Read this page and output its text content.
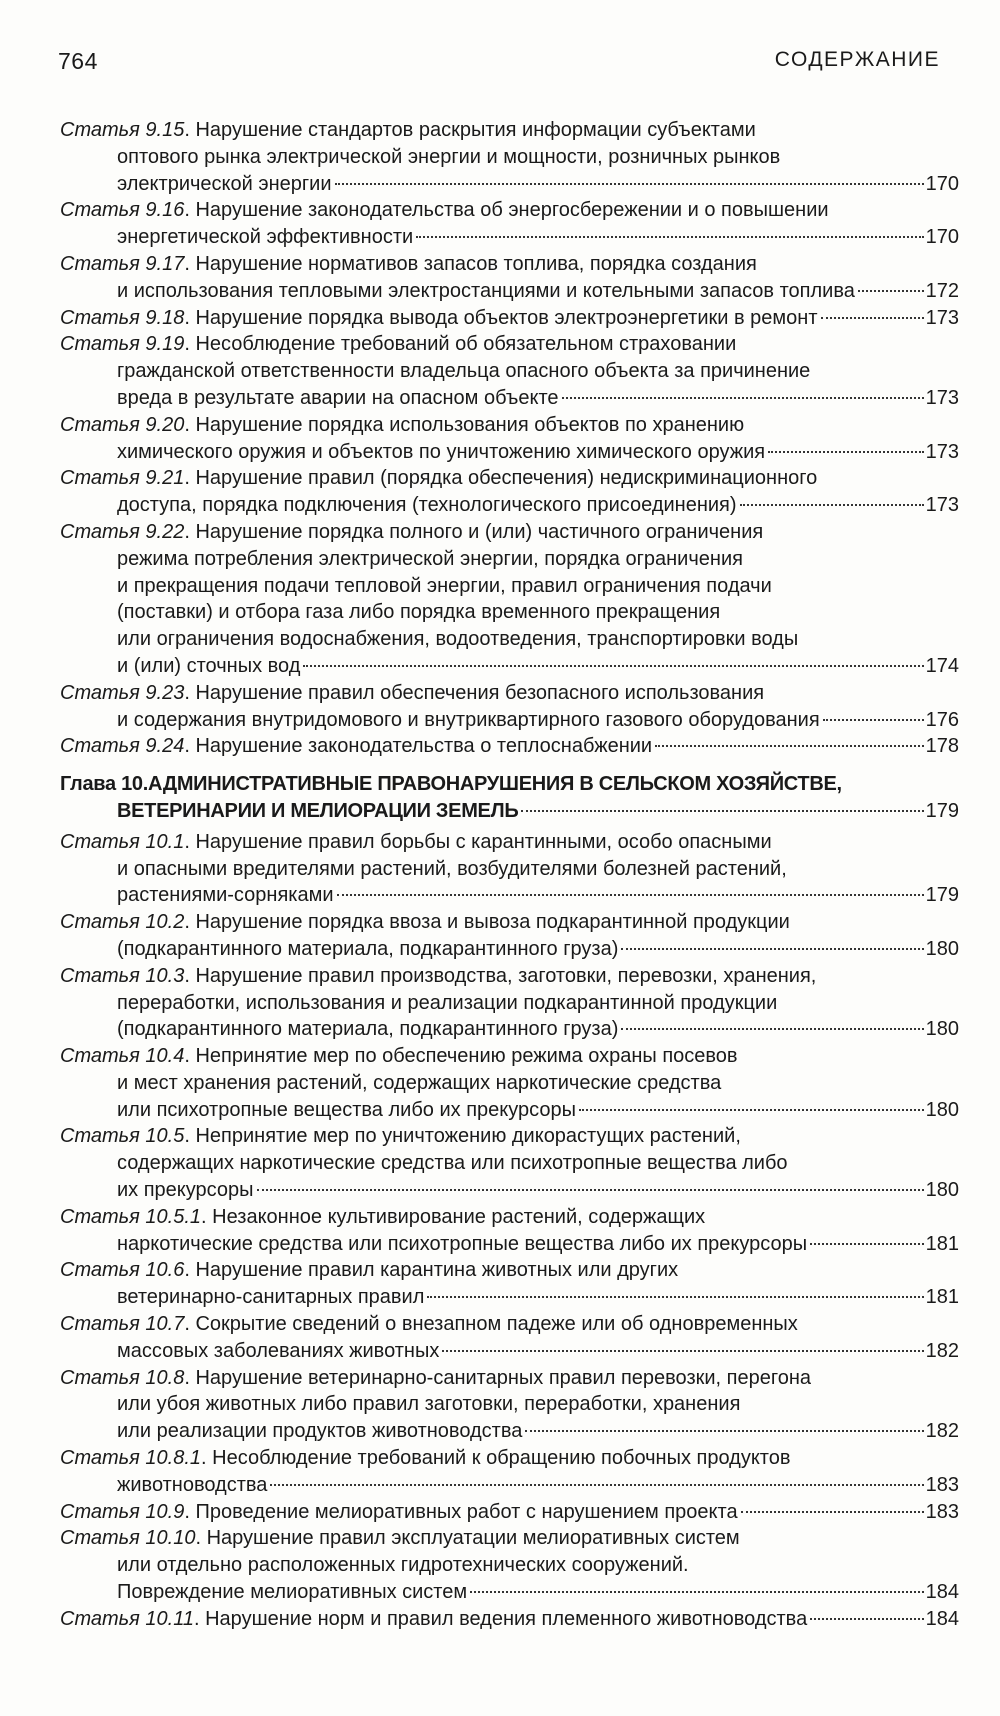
764	СОДЕРЖАНИЕ
Статья 9.15 . Нарушение стандартов раскрытия информации субъектами
оптового рынка электрической энергии и мощности, розничных рынков
электрической энергии	170
Статья 9.16 . Нарушение законодательства об энергосбережении и о повышении
энергетической эффективности	170
Статья 9.17 . Нарушение нормативов запасов топлива, порядка создания
и использования тепловыми электростанциями и котельными запасов топлива	172
Статья 9.18 . Нарушение порядка вывода объектов электроэнергетики в ремонт	173
Статья 9.19 . Несоблюдение требований об обязательном страховании
гражданской ответственности владельца опасного объекта за причинение
вреда в результате аварии на опасном объекте	173
Статья 9.20 . Нарушение порядка использования объектов по хранению
химического оружия и объектов по уничтожению химического оружия	173
Статья 9.21 . Нарушение правил (порядка обеспечения) недискриминационного
доступа, порядка подключения (технологического присоединения)	173
Статья 9.22 . Нарушение порядка полного и (или) частичного ограничения
режима потребления электрической энергии, порядка ограничения
и прекращения подачи тепловой энергии, правил ограничения подачи
(поставки) и отбора газа либо порядка временного прекращения
или ограничения водоснабжения, водоотведения, транспортировки воды
и (или) сточных вод	174
Статья 9.23 . Нарушение правил обеспечения безопасного использования
и содержания внутридомового и внутриквартирного газового оборудования	176
Статья 9.24 . Нарушение законодательства о теплоснабжении	178
Глава 10. АДМИНИСТРАТИВНЫЕ ПРАВОНАРУШЕНИЯ В СЕЛЬСКОМ ХОЗЯЙСТВЕ,
ВЕТЕРИНАРИИ И МЕЛИОРАЦИИ ЗЕМЕЛЬ	179
Статья 10.1 . Нарушение правил борьбы с карантинными, особо опасными
и опасными вредителями растений, возбудителями болезней растений,
растениями-сорняками	179
Статья 10.2 . Нарушение порядка ввоза и вывоза подкарантинной продукции
(подкарантинного материала, подкарантинного груза)	180
Статья 10.3 . Нарушение правил производства, заготовки, перевозки, хранения,
переработки, использования и реализации подкарантинной продукции
(подкарантинного материала, подкарантинного груза)	180
Статья 10.4 . Непринятие мер по обеспечению режима охраны посевов
и мест хранения растений, содержащих наркотические средства
или психотропные вещества либо их прекурсоры	180
Статья 10.5 . Непринятие мер по уничтожению дикорастущих растений,
содержащих наркотические средства или психотропные вещества либо
их прекурсоры	180
Статья 10.5.1 . Незаконное культивирование растений, содержащих
наркотические средства или психотропные вещества либо их прекурсоры	181
Статья 10.6 . Нарушение правил карантина животных или других
ветеринарно-санитарных правил	181
Статья 10.7 . Сокрытие сведений о внезапном падеже или об одновременных
массовых заболеваниях животных	182
Статья 10.8 . Нарушение ветеринарно-санитарных правил перевозки, перегона
или убоя животных либо правил заготовки, переработки, хранения
или реализации продуктов животноводства	182
Статья 10.8.1 . Несоблюдение требований к обращению побочных продуктов
животноводства	183
Статья 10.9 . Проведение мелиоративных работ с нарушением проекта	183
Статья 10.10 . Нарушение правил эксплуатации мелиоративных систем
или отдельно расположенных гидротехнических сооружений.
Повреждение мелиоративных систем	184
Статья 10.11 . Нарушение норм и правил ведения племенного животноводства	184
